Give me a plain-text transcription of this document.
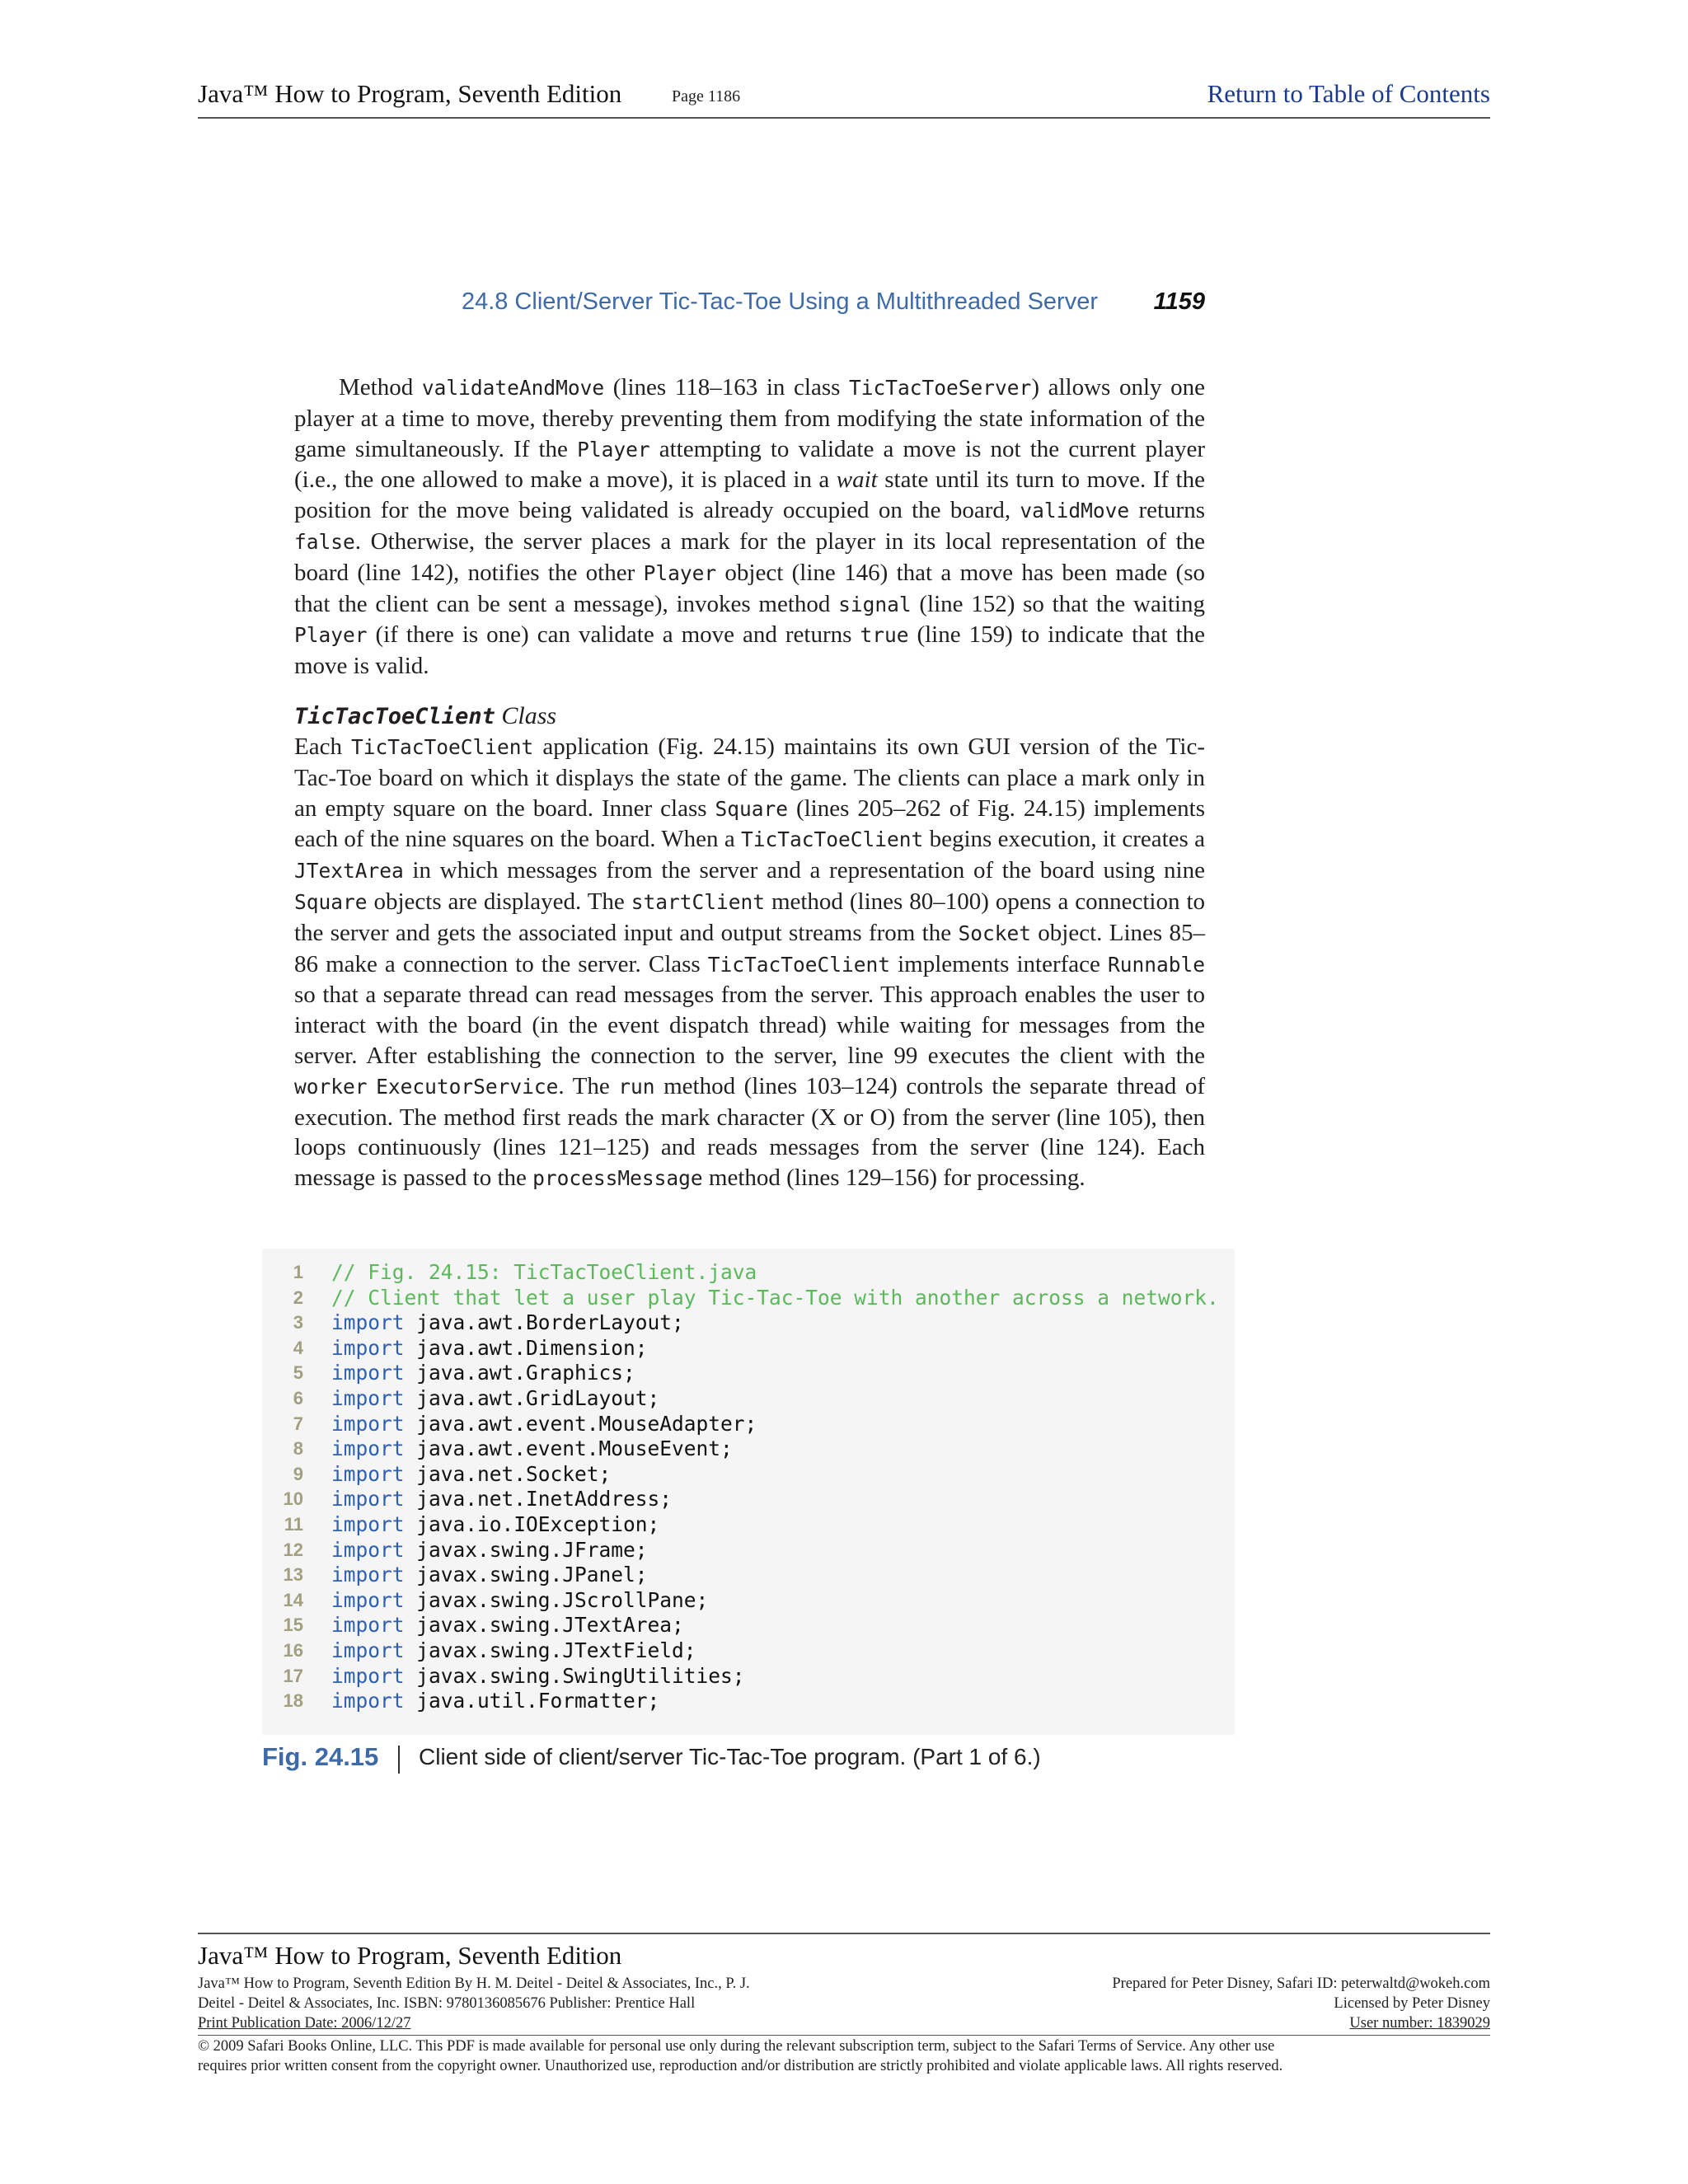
Java™ How to Program, Seventh Edition	Page 1186	Return to Table of Contents
24.8 Client/Server Tic-Tac-Toe Using a Multithreaded Server 1159

Method validateAndMove (lines 118–163 in class TicTacToeServer) allows only one player at a time to move, thereby preventing them from modifying the state information of the game simultaneously. If the Player attempting to validate a move is not the current player (i.e., the one allowed to make a move), it is placed in a wait state until its turn to move. If the position for the move being validated is already occupied on the board, validMove returns false. Otherwise, the server places a mark for the player in its local representation of the board (line 142), notifies the other Player object (line 146) that a move has been made (so that the client can be sent a message), invokes method signal (line 152) so that the waiting Player (if there is one) can validate a move and returns true (line 159) to indicate that the move is valid.

TicTacToeClient Class

Each TicTacToeClient application (Fig. 24.15) maintains its own GUI version of the Tic-Tac-Toe board on which it displays the state of the game. The clients can place a mark only in an empty square on the board. Inner class Square (lines 205–262 of Fig. 24.15) implements each of the nine squares on the board. When a TicTacToeClient begins execution, it creates a JTextArea in which messages from the server and a representation of the board using nine Square objects are displayed. The startClient method (lines 80–100) opens a connection to the server and gets the associated input and output streams from the Socket object. Lines 85–86 make a connection to the server. Class TicTacToeClient implements interface Runnable so that a separate thread can read messages from the server. This approach enables the user to interact with the board (in the event dispatch thread) while waiting for messages from the server. After establishing the connection to the server, line 99 executes the client with the worker ExecutorService. The run method (lines 103–124) controls the separate thread of execution. The method first reads the mark character (X or O) from the server (line 105), then loops continuously (lines 121–125) and reads messages from the server (line 124). Each message is passed to the processMessage method (lines 129–156) for processing.

1 // Fig. 24.15: TicTacToeClient.java
2 // Client that let a user play Tic-Tac-Toe with another across a network.
3 import java.awt.BorderLayout;
4 import java.awt.Dimension;
5 import java.awt.Graphics;
6 import java.awt.GridLayout;
7 import java.awt.event.MouseAdapter;
8 import java.awt.event.MouseEvent;
9 import java.net.Socket;
10 import java.net.InetAddress;
11 import java.io.IOException;
12 import javax.swing.JFrame;
13 import javax.swing.JPanel;
14 import javax.swing.JScrollPane;
15 import javax.swing.JTextArea;
16 import javax.swing.JTextField;
17 import javax.swing.SwingUtilities;
18 import java.util.Formatter;
Fig. 24.15 Client side of client/server Tic-Tac-Toe program. (Part 1 of 6.)
Java™ How to Program, Seventh Edition
Java™ How to Program, Seventh Edition By H. M. Deitel - Deitel & Associates, Inc., P. J.
Deitel - Deitel & Associates, Inc. ISBN: 9780136085676 Publisher: Prentice Hall
Print Publication Date: 2006/12/27
Prepared for Peter Disney, Safari ID: peterwaltd@wokeh.com
Licensed by Peter Disney
User number: 1839029
© 2009 Safari Books Online, LLC. This PDF is made available for personal use only during the relevant subscription term, subject to the Safari Terms of Service. Any other use
requires prior written consent from the copyright owner. Unauthorized use, reproduction and/or distribution are strictly prohibited and violate applicable laws. All rights reserved.
